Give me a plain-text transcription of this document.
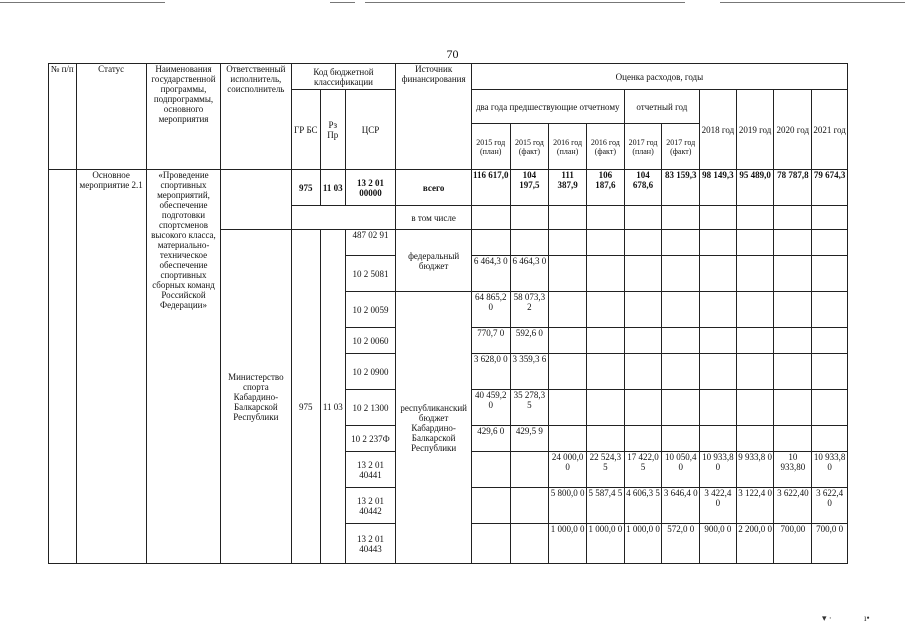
70
№ п/п	Статус	Наименования государственной программы, подпрограммы, основного мероприятия	Ответственный исполнитель, соисполнитель	Код бюджетной классификации			Источник финансирования	Оценка расходов, годы									
				ГР БС	Рз Пр	ЦСР		два года предшествующие отчетному				отчетный год		2018 год	2019 год	2020 год	2021 год
								2015 год (план)	2015 год (факт)	2016 год (план)	2016 год (факт)	2017 год (план)	2017 год (факт)				
	Основное мероприятие 2.1	«Проведение спортивных мероприятий, обеспечение подготовки спортсменов высокого класса, материально-техническое обеспечение спортивных сборных команд Российской Федерации»		975	11 03	13 2 01 00000	всего	116 617,0	104 197,5	111 387,9	106 187,6	104 678,6	83 159,3	98 149,3	95 489,0	78 787,8	79 674,3
							в том числе										
			Министерство спорта Кабардино-Балкарской Республики	975	11 03	487 02 91	федеральный бюджет										
						10 2 5081		6 464,3 0	6 464,3 0								
						10 2 0059	республиканский бюджет Кабардино-Балкарской Республики	64 865,2 0	58 073,3 2								
						10 2 0060		770,7 0	592,6 0								
						10 2 0900		3 628,0 0	3 359,3 6								
						10 2 1300		40 459,2 0	35 278,3 5								
						10 2 237Ф		429,6 0	429,5 9								
						13 2 01 40441				24 000,0 0	22 524,3 5	17 422,0 5	10 050,4 0	10 933,8 0	9 933,8 0	10 933,80	10 933,8 0
						13 2 01 40442				5 800,0 0	5 587,4 5	4 606,3 5	3 646,4 0	3 422,4 0	3 122,4 0	3 622,40	3 622,4 0
						13 2 01 40443				1 000,0 0	1 000,0 0	1 000,0 0	572,0 0	900,0 0	2 200,0 0	700,00	700,0 0
▾ ·	ı•
